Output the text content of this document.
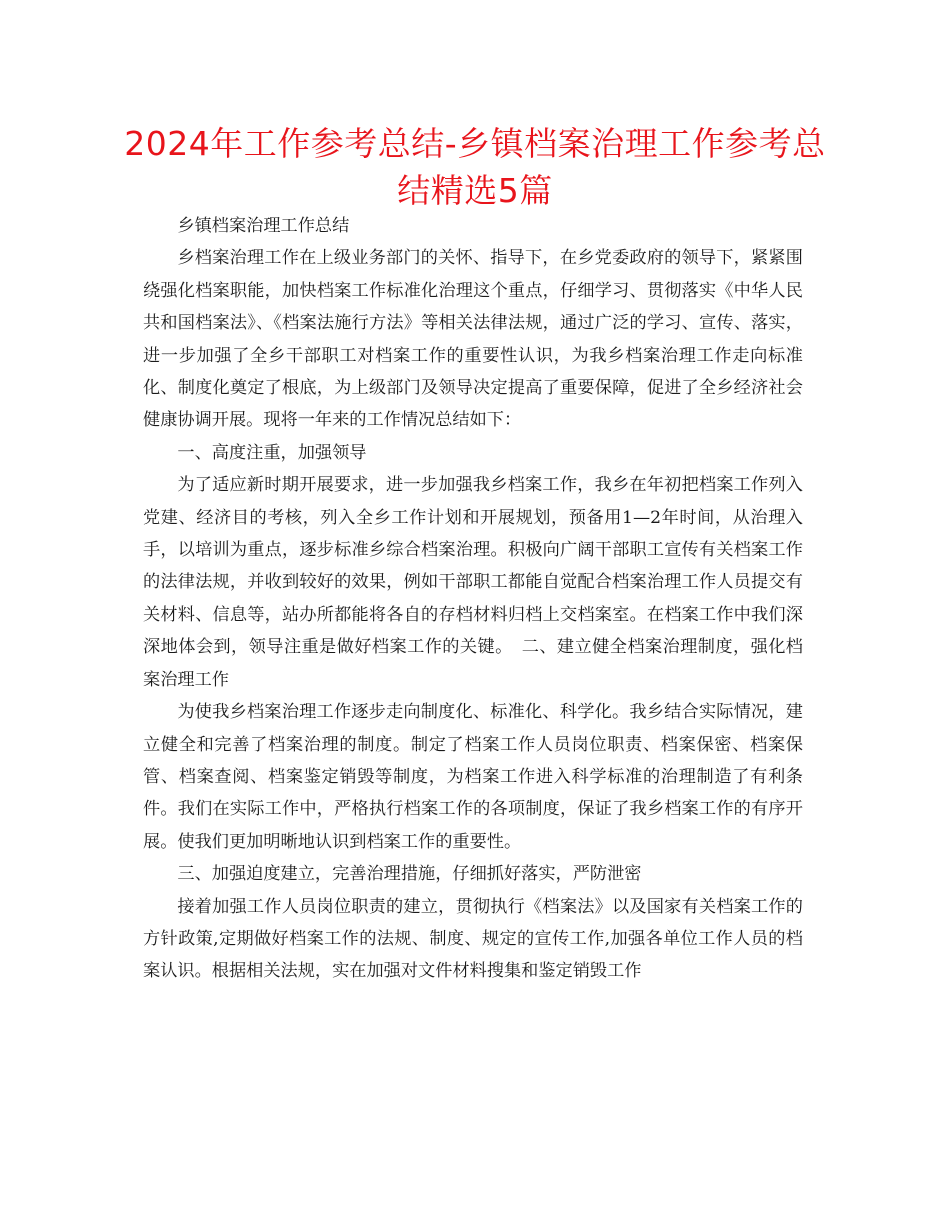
2024年工作参考总结-乡镇档案治理工作参考总结精选5篇

乡镇档案治理工作总结

乡档案治理工作在上级业务部门的关怀、指导下，在乡党委政府的领导下，紧紧围绕强化档案职能，加快档案工作标准化治理这个重点，仔细学习、贯彻落实《中华人民共和国档案法》、《档案法施行方法》等相关法律法规，通过广泛的学习、宣传、落实，进一步加强了全乡干部职工对档案工作的重要性认识，为我乡档案治理工作走向标准化、制度化奠定了根底，为上级部门及领导决定提高了重要保障，促进了全乡经济社会健康协调开展。现将一年来的工作情况总结如下：

一、高度注重，加强领导

为了适应新时期开展要求，进一步加强我乡档案工作，我乡在年初把档案工作列入党建、经济目的考核，列入全乡工作计划和开展规划，预备用1—2年时间，从治理入手，以培训为重点，逐步标准乡综合档案治理。积极向广阔干部职工宣传有关档案工作的法律法规，并收到较好的效果，例如干部职工都能自觉配合档案治理工作人员提交有关材料、信息等，站办所都能将各自的存档材料归档上交档案室。在档案工作中我们深深地体会到，领导注重是做好档案工作的关键。　二、建立健全档案治理制度，强化档案治理工作

为使我乡档案治理工作逐步走向制度化、标准化、科学化。我乡结合实际情况，建立健全和完善了档案治理的制度。制定了档案工作人员岗位职责、档案保密、档案保管、档案查阅、档案鉴定销毁等制度，为档案工作进入科学标准的治理制造了有利条件。我们在实际工作中，严格执行档案工作的各项制度，保证了我乡档案工作的有序开展。使我们更加明晰地认识到档案工作的重要性。

三、加强迫度建立，完善治理措施，仔细抓好落实，严防泄密

接着加强工作人员岗位职责的建立，贯彻执行《档案法》以及国家有关档案工作的方针政策,定期做好档案工作的法规、制度、规定的宣传工作,加强各单位工作人员的档案认识。根据相关法规，实在加强对文件材料搜集和鉴定销毁工作
